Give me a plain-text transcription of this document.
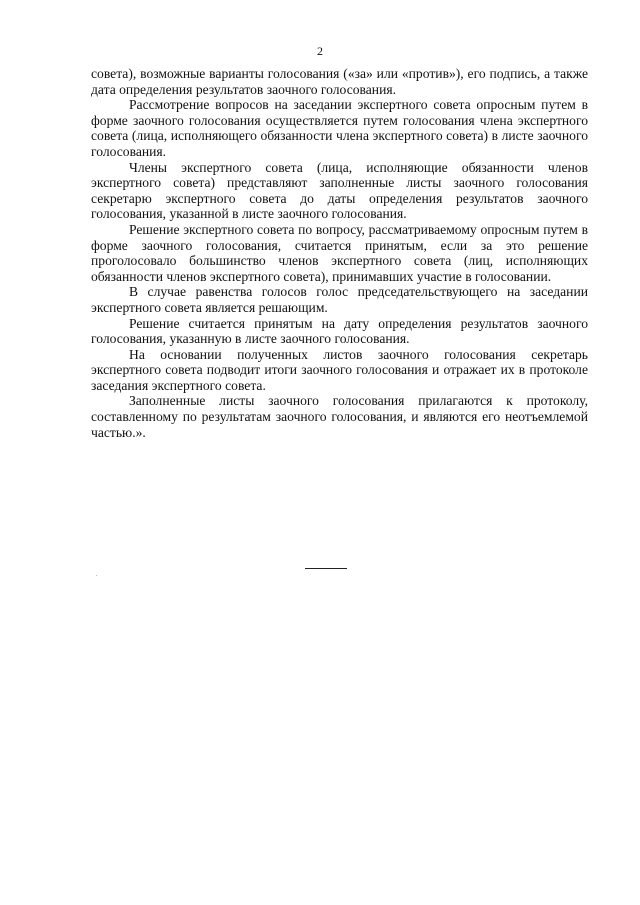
2

совета), возможные варианты голосования («за» или «против»), его подпись, а также дата определения результатов заочного голосования.

Рассмотрение вопросов на заседании экспертного совета опросным путем в форме заочного голосования осуществляется путем голосования члена экспертного совета (лица, исполняющего обязанности члена экспертного совета) в листе заочного голосования.

Члены экспертного совета (лица, исполняющие обязанности членов экспертного совета) представляют заполненные листы заочного голосования секретарю экспертного совета до даты определения результатов заочного голосования, указанной в листе заочного голосования.

Решение экспертного совета по вопросу, рассматриваемому опросным путем в форме заочного голосования, считается принятым, если за это решение проголосовало большинство членов экспертного совета (лиц, исполняющих обязанности членов экспертного совета), принимавших участие в голосовании.

В случае равенства голосов голос председательствующего на заседании экспертного совета является решающим.

Решение считается принятым на дату определения результатов заочного голосования, указанную в листе заочного голосования.

На основании полученных листов заочного голосования секретарь экспертного совета подводит итоги заочного голосования и отражает их в протоколе заседания экспертного совета.

Заполненные листы заочного голосования прилагаются к протоколу, составленному по результатам заочного голосования, и являются его неотъемлемой частью.».
